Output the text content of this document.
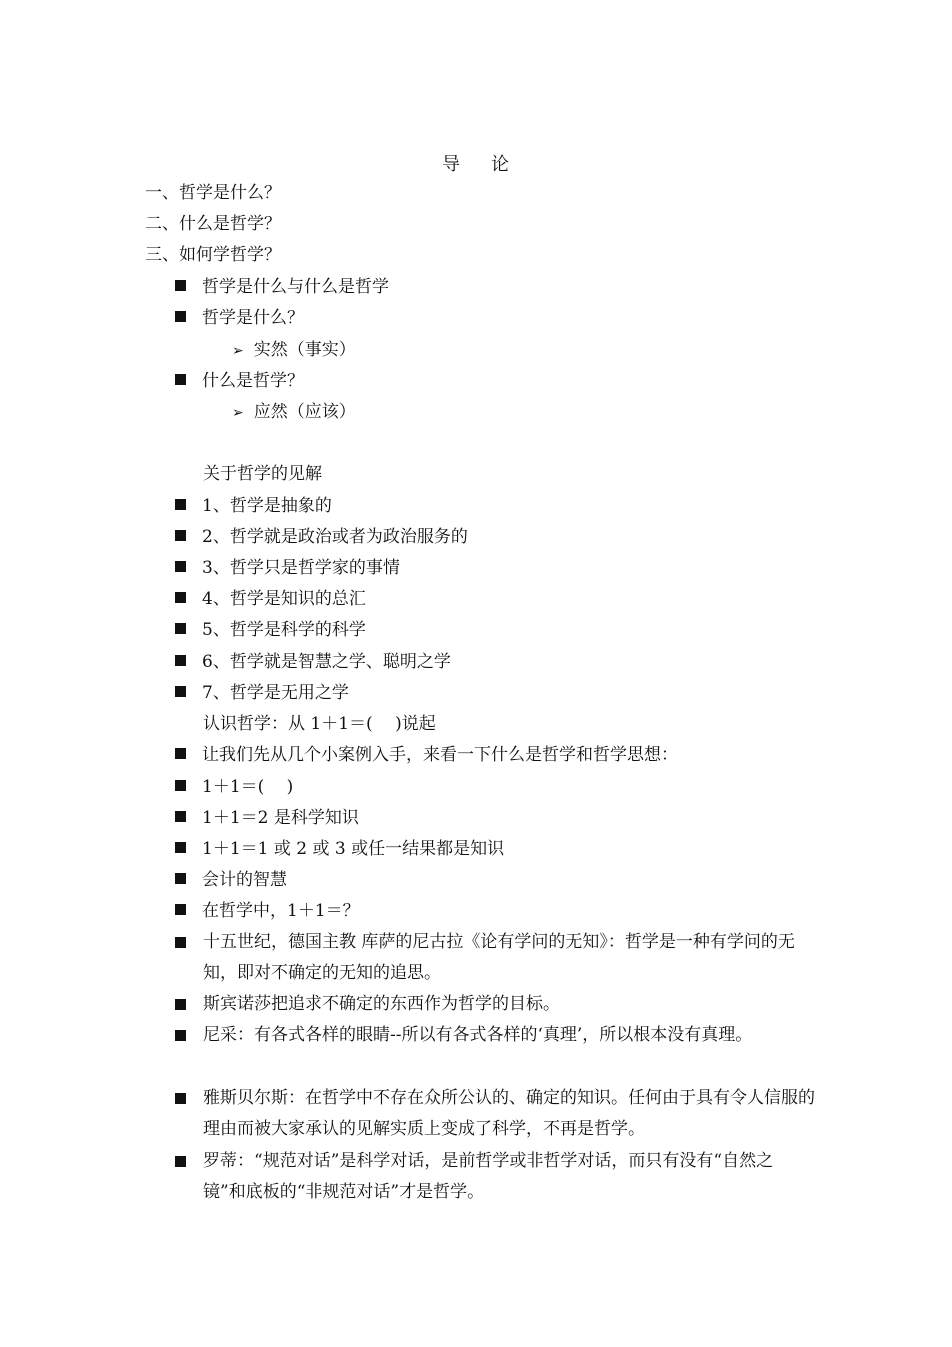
导 论
一、哲学是什么？
二、什么是哲学？
三、如何学哲学？
哲学是什么与什么是哲学
哲学是什么？
➢ 实然（事实）
什么是哲学？
➢ 应然（应该）
关于哲学的见解
1、哲学是抽象的
2、哲学就是政治或者为政治服务的
3、哲学只是哲学家的事情
4、哲学是知识的总汇
5、哲学是科学的科学
6、哲学就是智慧之学、聪明之学
7、哲学是无用之学
认识哲学：从 1＋1＝(　 )说起
让我们先从几个小案例入手，来看一下什么是哲学和哲学思想：
1＋1＝(　 )
1＋1＝2 是科学知识
1＋1＝1 或 2 或 3 或任一结果都是知识
会计的智慧
在哲学中，1＋1＝？
十五世纪，德国主教 库萨的尼古拉《论有学问的无知》：哲学是一种有学问的无知，即对不确定的无知的追思。
斯宾诺莎把追求不确定的东西作为哲学的目标。
尼采：有各式各样的眼睛--所以有各式各样的‘真理’，所以根本没有真理。
雅斯贝尔斯：在哲学中不存在众所公认的、确定的知识。任何由于具有令人信服的理由而被大家承认的见解实质上变成了科学，不再是哲学。
罗蒂：“规范对话”是科学对话，是前哲学或非哲学对话，而只有没有“自然之镜”和底板的“非规范对话”才是哲学。
